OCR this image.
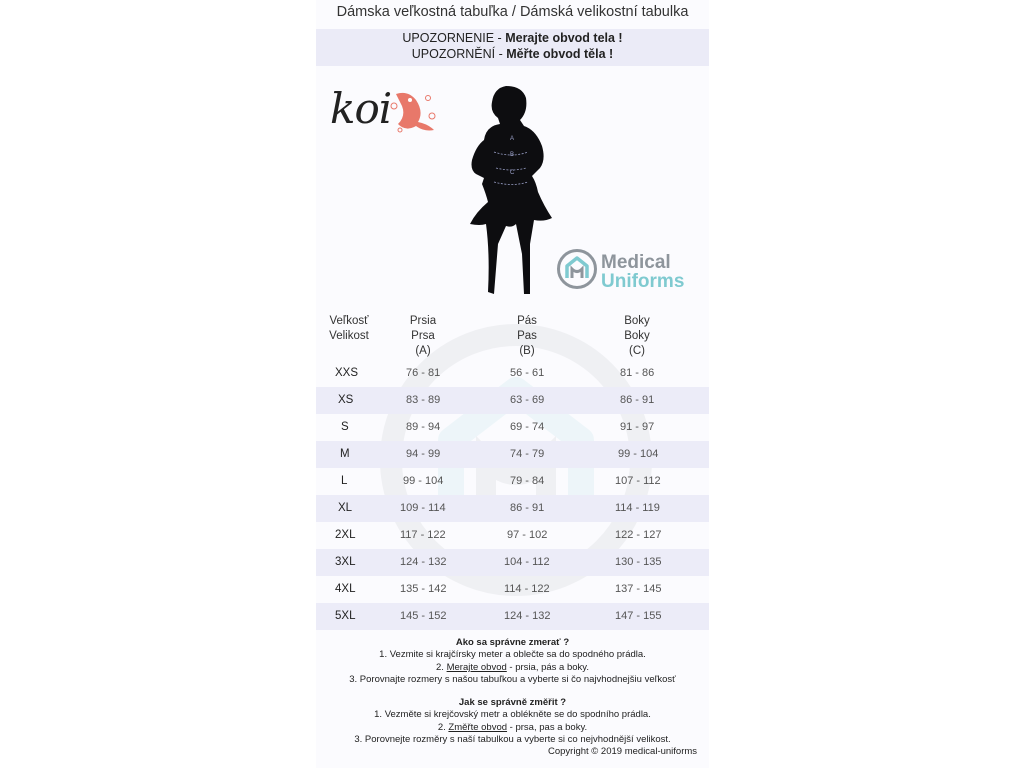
Dámska veľkostná tabuľka / Dámská velikostní tabulka
UPOZORNENIE - Merajte obvod tela !
UPOZORNĚNÍ - Měřte obvod těla !
koi
A
B
C
Medical
Uniforms
Veľkosť
Velikost
Prsia
Prsa
(A)
Pás
Pas
(B)
Boky
Boky
(C)
XXS	76 - 81	56 - 61	81 - 86
XS	83 - 89	63 - 69	86 - 91
S	89 - 94	69 - 74	91 - 97
M	94 - 99	74 - 79	99 - 104
L	99 - 104	79 - 84	107 - 112
XL	109 - 114	86 - 91	114 - 119
2XL	117 - 122	97 - 102	122 - 127
3XL	124 - 132	104 - 112	130 - 135
4XL	135 - 142	114 - 122	137 - 145
5XL	145 - 152	124 - 132	147 - 155
Ako sa správne zmerať ?
1. Vezmite si krajčírsky meter a oblečte sa do spodného prádla.
2. Merajte obvod - prsia, pás a boky.
3. Porovnajte rozmery s našou tabuľkou a vyberte si čo najvhodnejšiu veľkosť
Jak se správně změřit ?
1. Vezměte si krejčovský metr a oblékněte se do spodního prádla.
2. Změřte obvod - prsa, pas a boky.
3. Porovnejte rozměry s naší tabulkou a vyberte si co nejvhodnější velikost.
Copyright © 2019 medical-uniforms
